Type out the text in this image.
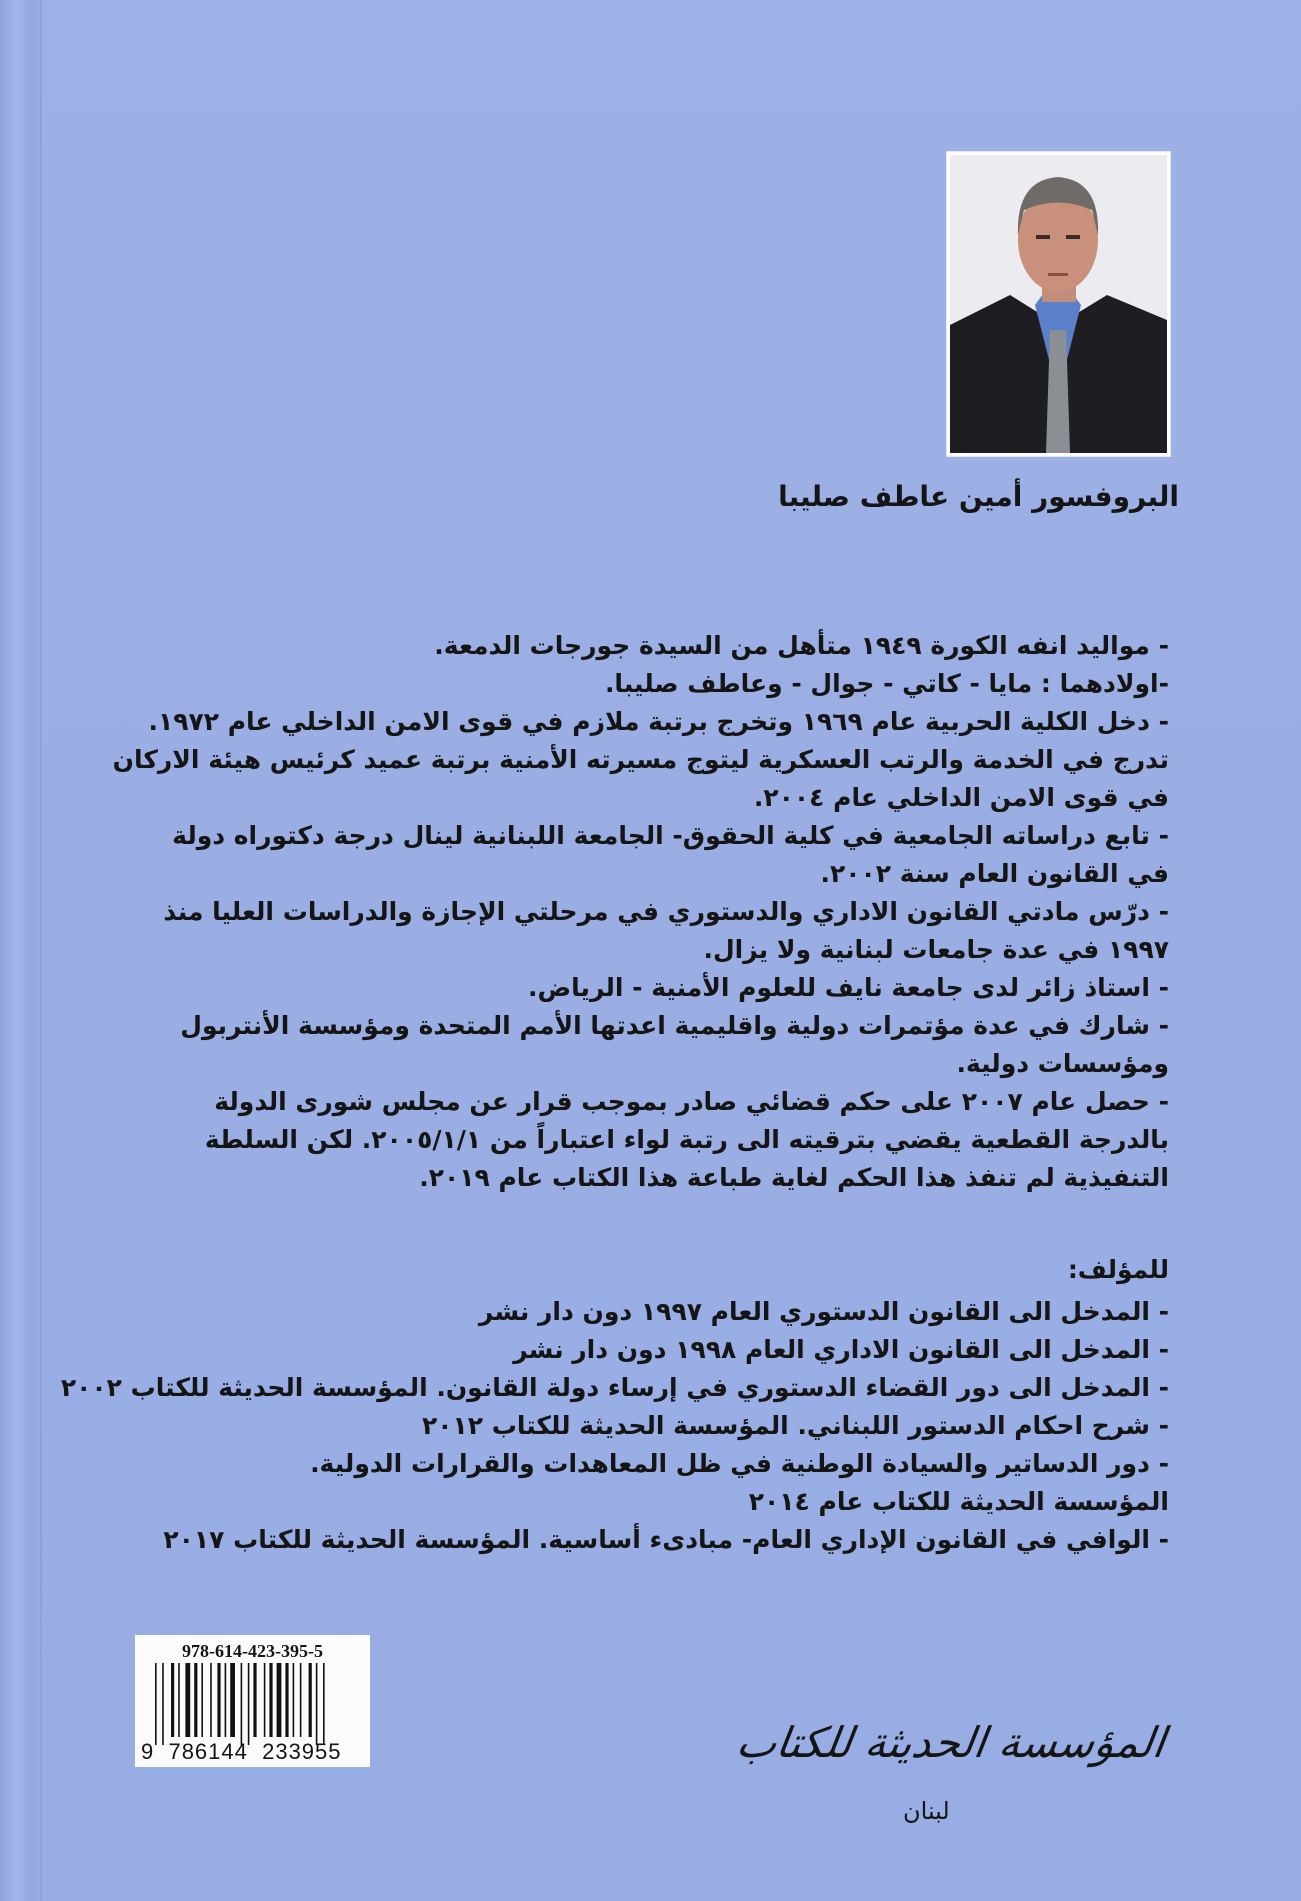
البروفسور أمين عاطف صليبا
- مواليد انفه الكورة ١٩٤٩ متأهل من السيدة جورجات الدمعة.
-اولادهما : مايا - كاتي - جوال - وعاطف صليبا.
- دخل الكلية الحربية عام ١٩٦٩ وتخرج برتبة ملازم في قوى الامن الداخلي عام ١٩٧٢.
تدرج في الخدمة والرتب العسكرية ليتوج مسيرته الأمنية برتبة عميد كرئيس هيئة الاركان
في قوى الامن الداخلي عام ٢٠٠٤.
- تابع دراساته الجامعية في كلية الحقوق- الجامعة اللبنانية لينال درجة دكتوراه دولة
في القانون العام سنة ٢٠٠٢.
- درّس مادتي القانون الاداري والدستوري في مرحلتي الإجازة والدراسات العليا منذ
١٩٩٧ في عدة جامعات لبنانية ولا يزال.
- استاذ زائر لدى جامعة نايف للعلوم الأمنية - الرياض.
- شارك في عدة مؤتمرات دولية واقليمية اعدتها الأمم المتحدة ومؤسسة الأنتربول
ومؤسسات دولية.
- حصل عام ٢٠٠٧ على حكم قضائي صادر بموجب قرار عن مجلس شورى الدولة
بالدرجة القطعية يقضي بترقيته الى رتبة لواء اعتباراً من ٢٠٠٥/١/١. لكن السلطة
التنفيذية لم تنفذ هذا الحكم لغاية طباعة هذا الكتاب عام ٢٠١٩.
للمؤلف:
- المدخل الى القانون الدستوري العام ١٩٩٧ دون دار نشر
- المدخل الى القانون الاداري العام ١٩٩٨ دون دار نشر
- المدخل الى دور القضاء الدستوري في إرساء دولة القانون. المؤسسة الحديثة للكتاب ٢٠٠٢
- شرح احكام الدستور اللبناني. المؤسسة الحديثة للكتاب ٢٠١٢
- دور الدساتير والسيادة الوطنية في ظل المعاهدات والقرارات الدولية.
المؤسسة الحديثة للكتاب عام ٢٠١٤
- الوافي في القانون الإداري العام- مبادىء أساسية. المؤسسة الحديثة للكتاب ٢٠١٧
978-614-423-395-5
9  786144  233955	المؤسسة الحديثة للكتاب
لبنان
